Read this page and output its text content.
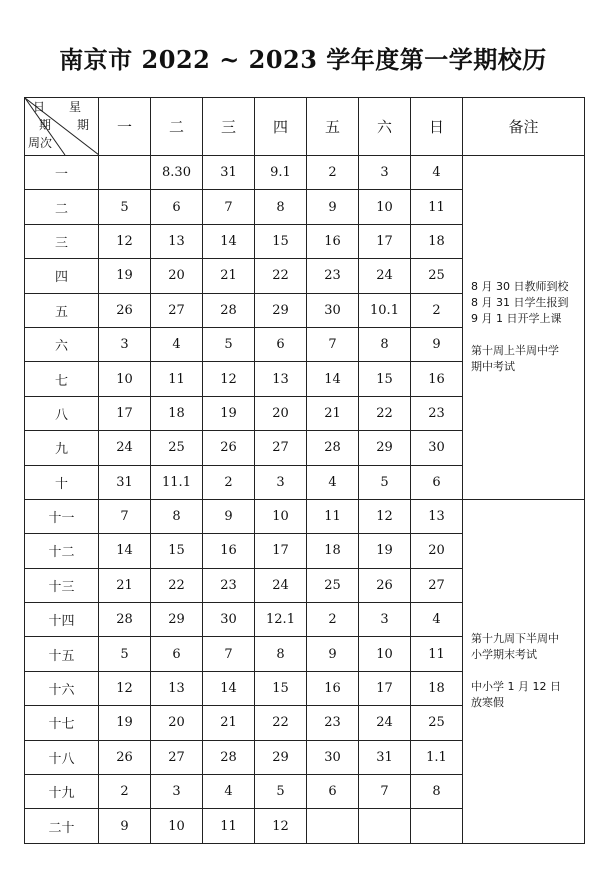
南京市 2022 ~ 2023 学年度第一学期校历
日 星
期 期
周次	一	二	三	四	五	六	日	备注
一		8.30	31	9.1	2	3	4	8 月 30 日教师到校

8 月 31 日学生报到

9 月 1 日开学上课

第十周上半周中学

期中考试

二	5	6	7	8	9	10	11	
三	12	13	14	15	16	17	18	
四	19	20	21	22	23	24	25	
五	26	27	28	29	30	10.1	2	
六	3	4	5	6	7	8	9	
七	10	11	12	13	14	15	16	
八	17	18	19	20	21	22	23	
九	24	25	26	27	28	29	30	
十	31	11.1	2	3	4	5	6	
十一	7	8	9	10	11	12	13	第十九周下半周中

小学期末考试

中小学 1 月 12 日

放寒假

十二	14	15	16	17	18	19	20	
十三	21	22	23	24	25	26	27	
十四	28	29	30	12.1	2	3	4	
十五	5	6	7	8	9	10	11	
十六	12	13	14	15	16	17	18	
十七	19	20	21	22	23	24	25	
十八	26	27	28	29	30	31	1.1	
十九	2	3	4	5	6	7	8	
二十	9	10	11	12				
